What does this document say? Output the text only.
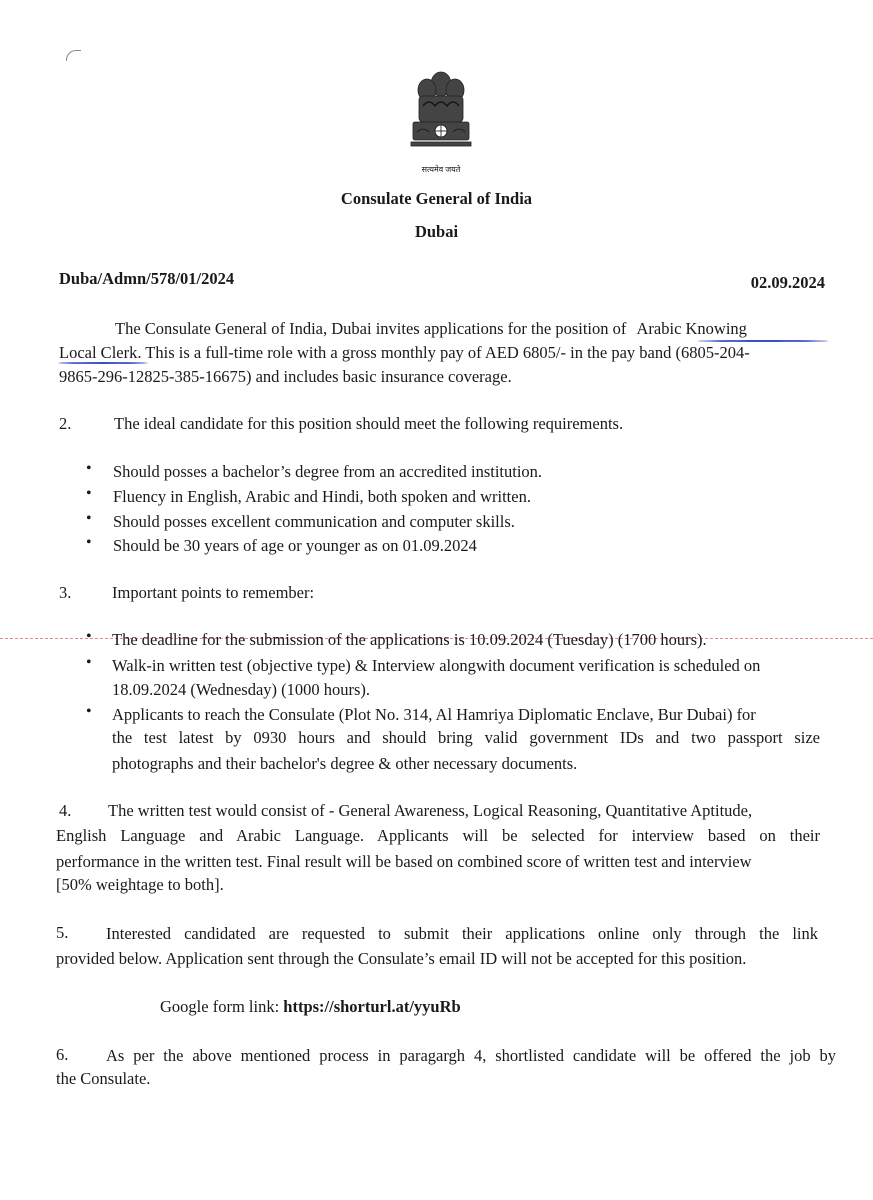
सत्यमेव जयते
Consulate General of India
Dubai
Duba/Admn/578/01/2024	02.09.2024
The Consulate General of India, Dubai invites applications for the position of Arabic Knowing
Local Clerk. This is a full-time role with a gross monthly pay of AED 6805/- in the pay band (6805-204-
9865-296-12825-385-16675) and includes basic insurance coverage.
2.	The ideal candidate for this position should meet the following requirements.
• Should posses a bachelor’s degree from an accredited institution.
• Fluency in English, Arabic and Hindi, both spoken and written.
• Should posses excellent communication and computer skills.
• Should be 30 years of age or younger as on 01.09.2024
3. Important points to remember:
• The deadline for the submission of the applications is 10.09.2024 (Tuesday) (1700 hours).
• Walk-in written test (objective type) & Interview alongwith document verification is scheduled on
18.09.2024 (Wednesday) (1000 hours).
• Applicants to reach the Consulate (Plot No. 314, Al Hamriya Diplomatic Enclave, Bur Dubai) for
the test latest by 0930 hours and should bring valid government IDs and two passport size
photographs and their bachelor's degree & other necessary documents.
4. The written test would consist of - General Awareness, Logical Reasoning, Quantitative Aptitude,
English Language and Arabic Language. Applicants will be selected for interview based on their
performance in the written test. Final result will be based on combined score of written test and interview
[50% weightage to both].
5. Interested candidated are requested to submit their applications online only through the link
provided below. Application sent through the Consulate’s email ID will not be accepted for this position.
Google form link: https://shorturl.at/yyuRb
6. As per the above mentioned process in paragargh 4, shortlisted candidate will be offered the job by
the Consulate.
